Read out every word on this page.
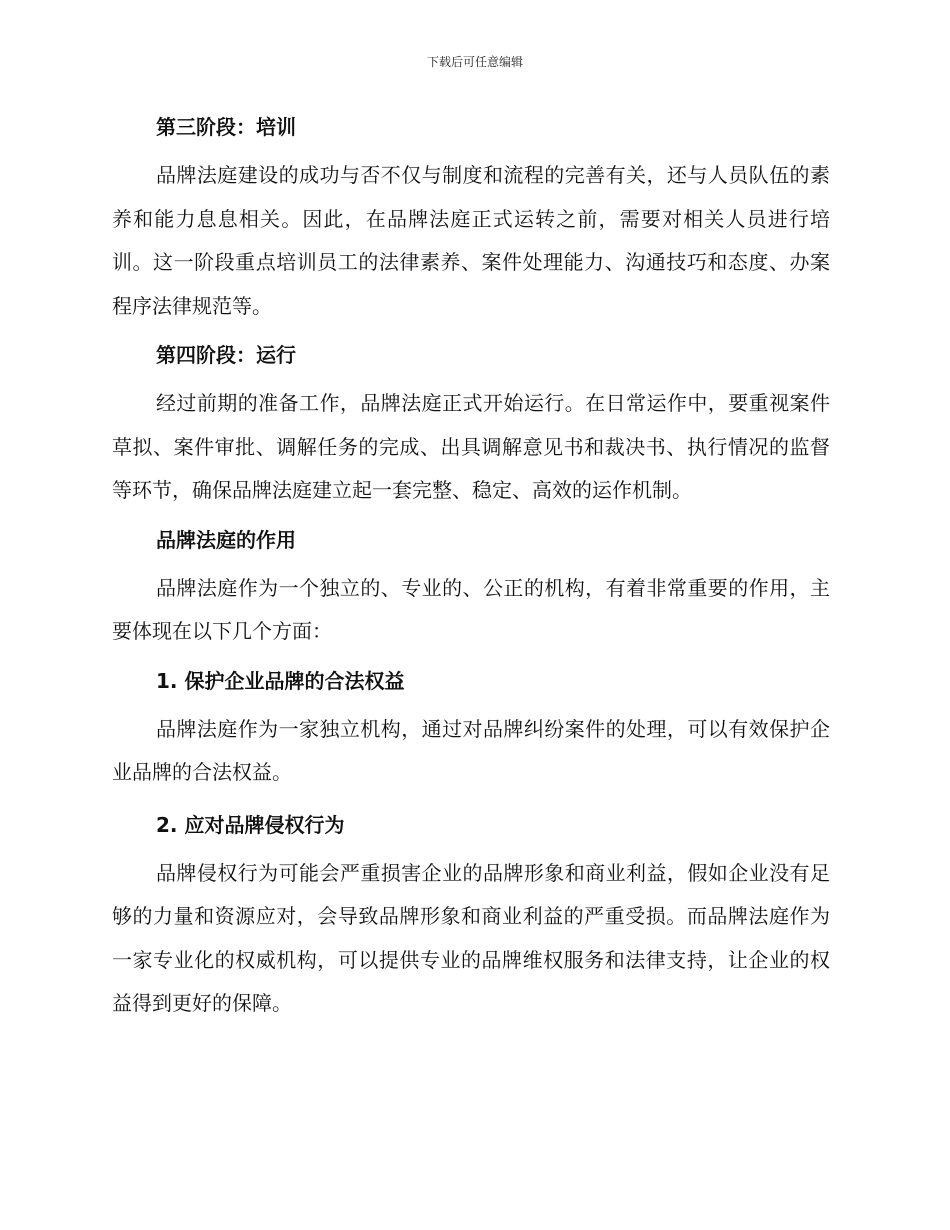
下载后可任意编辑
第三阶段：培训

品牌法庭建设的成功与否不仅与制度和流程的完善有关，还与人员队伍的素养和能力息息相关。因此，在品牌法庭正式运转之前，需要对相关人员进行培训。这一阶段重点培训员工的法律素养、案件处理能力、沟通技巧和态度、办案程序法律规范等。

第四阶段：运行

经过前期的准备工作，品牌法庭正式开始运行。在日常运作中，要重视案件草拟、案件审批、调解任务的完成、出具调解意见书和裁决书、执行情况的监督等环节，确保品牌法庭建立起一套完整、稳定、高效的运作机制。

品牌法庭的作用

品牌法庭作为一个独立的、专业的、公正的机构，有着非常重要的作用，主要体现在以下几个方面：

1. 保护企业品牌的合法权益

品牌法庭作为一家独立机构，通过对品牌纠纷案件的处理，可以有效保护企业品牌的合法权益。

2. 应对品牌侵权行为

品牌侵权行为可能会严重损害企业的品牌形象和商业利益，假如企业没有足够的力量和资源应对，会导致品牌形象和商业利益的严重受损。而品牌法庭作为一家专业化的权威机构，可以提供专业的品牌维权服务和法律支持，让企业的权益得到更好的保障。
